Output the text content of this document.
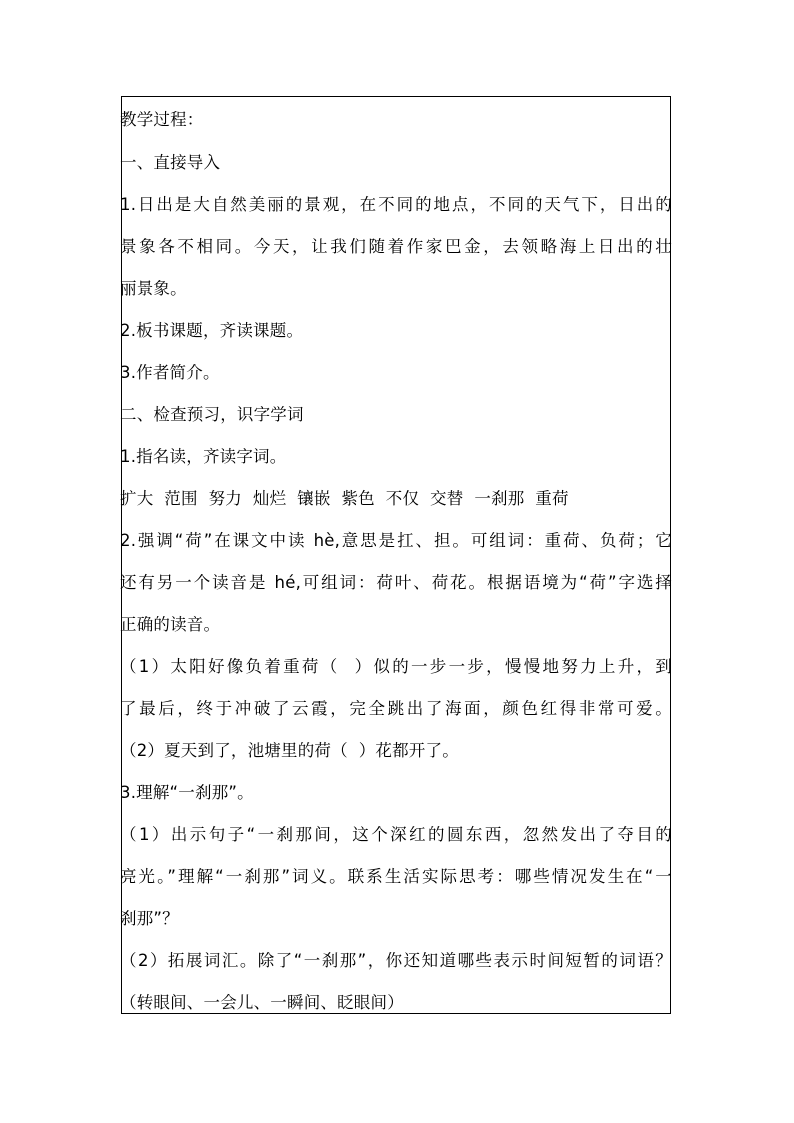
教学过程：
一、直接导入
1.日出是大自然美丽的景观，在不同的地点，不同的天气下，日出的
景象各不相同。今天，让我们随着作家巴金，去领略海上日出的壮
丽景象。
2.板书课题，齐读课题。
3.作者简介。
二、检查预习，识字学词
1.指名读，齐读字词。
扩大  范围  努力  灿烂  镶嵌  紫色  不仅  交替  一刹那  重荷
2.强调“荷”在课文中读 hè,意思是扛、担。可组词：重荷、负荷；它
还有另一个读音是 hé,可组词：荷叶、荷花。根据语境为“荷”字选择
正确的读音。
（1）太阳好像负着重荷（  ）似的一步一步，慢慢地努力上升，到
了最后，终于冲破了云霞，完全跳出了海面，颜色红得非常可爱。
（2）夏天到了，池塘里的荷（  ）花都开了。
3.理解“一刹那”。
（1）出示句子“一刹那间，这个深红的圆东西，忽然发出了夺目的
亮光。”理解“一刹那”词义。联系生活实际思考：哪些情况发生在“一
刹那”？
（2）拓展词汇。除了“一刹那”，你还知道哪些表示时间短暂的词语？
（转眼间、一会儿、一瞬间、眨眼间）
